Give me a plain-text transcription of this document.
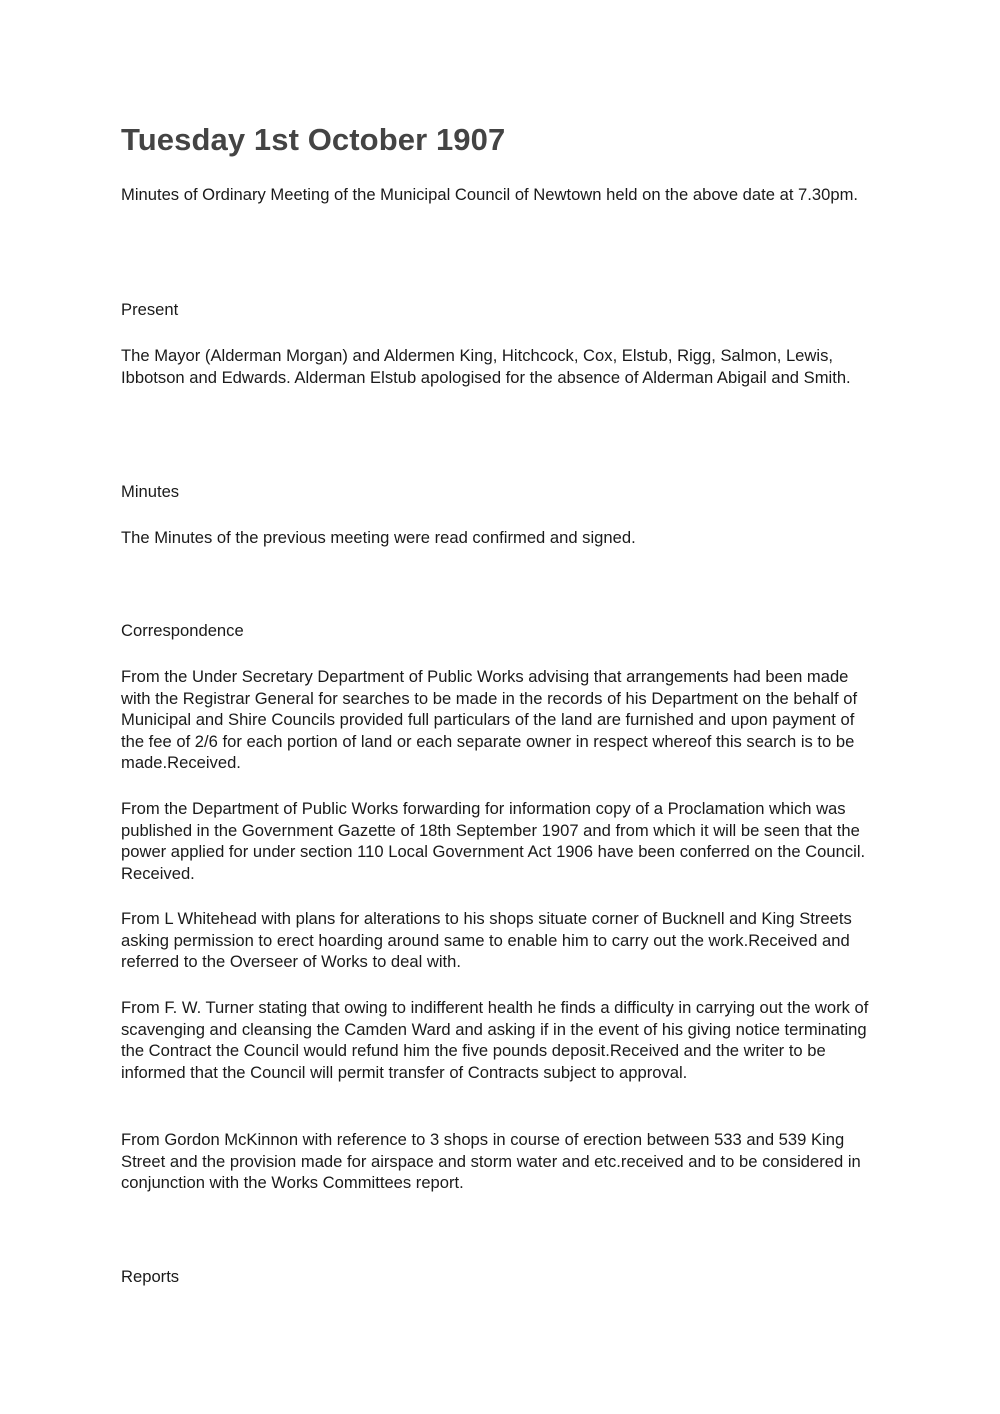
Tuesday 1st October 1907

Minutes of Ordinary Meeting of the Municipal Council of Newtown held on the above date at 7.30pm.

Present

The Mayor (Alderman Morgan) and Aldermen King, Hitchcock, Cox, Elstub, Rigg, Salmon, Lewis, Ibbotson and Edwards. Alderman Elstub apologised for the absence of Alderman Abigail and Smith.

Minutes

The Minutes of the previous meeting were read confirmed and signed.

Correspondence

From the Under Secretary Department of Public Works advising that arrangements had been made with the Registrar General for searches to be made in the records of his Department on the behalf of Municipal and Shire Councils provided full particulars of the land are furnished and upon payment of the fee of 2/6 for each portion of land or each separate owner in respect whereof this search is to be made.Received.

From the Department of Public Works forwarding for information copy of a Proclamation which was published in the Government Gazette of 18th September 1907 and from which it will be seen that the power applied for under section 110 Local Government Act 1906 have been conferred on the Council. Received.

From L Whitehead with plans for alterations to his shops situate corner of Bucknell and King Streets asking permission to erect hoarding around same to enable him to carry out the work.Received and referred to the Overseer of Works to deal with.

From F. W. Turner stating that owing to indifferent health he finds a difficulty in carrying out the work of scavenging and cleansing the Camden Ward and asking if in the event of his giving notice terminating the Contract the Council would refund him the five pounds deposit.Received and the writer to be informed that the Council will permit transfer of Contracts subject to approval.

From Gordon McKinnon with reference to 3 shops in course of erection between 533 and 539 King Street and the provision made for airspace and storm water and etc.received and to be considered in conjunction with the Works Committees report.

Reports
